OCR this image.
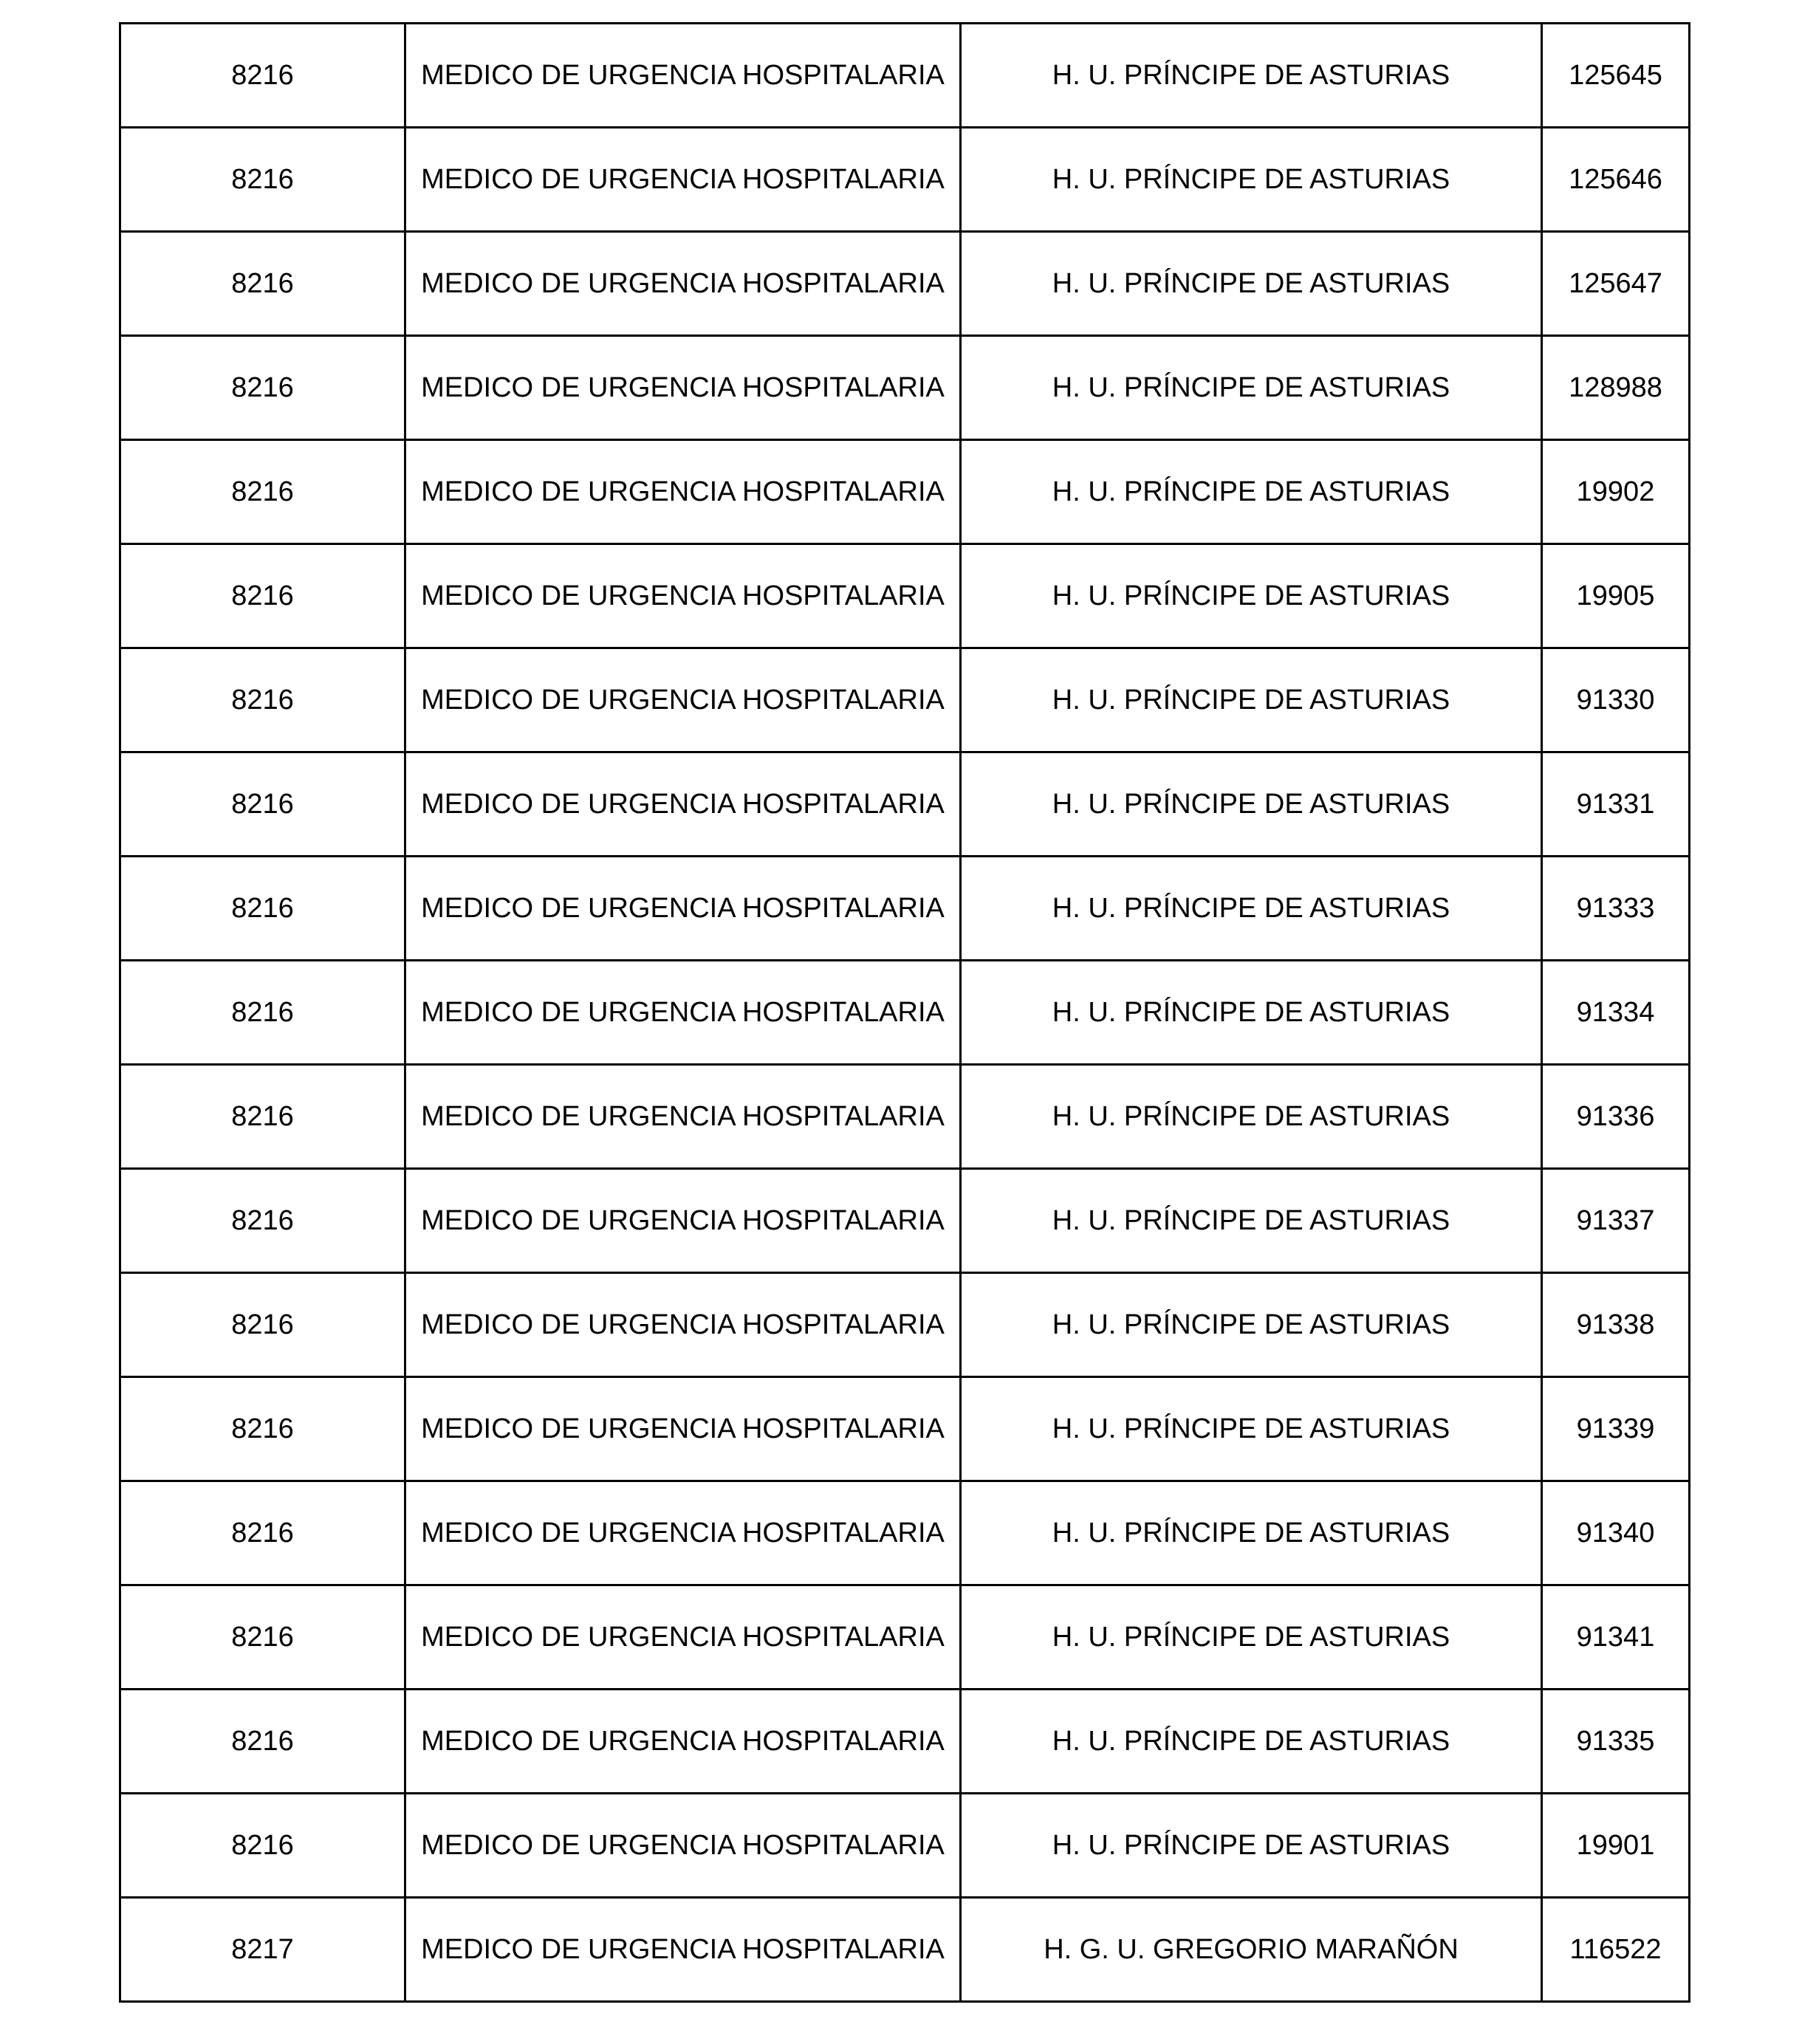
8216	MEDICO DE URGENCIA HOSPITALARIA	H. U. PRÍNCIPE DE ASTURIAS	125645
8216	MEDICO DE URGENCIA HOSPITALARIA	H. U. PRÍNCIPE DE ASTURIAS	125646
8216	MEDICO DE URGENCIA HOSPITALARIA	H. U. PRÍNCIPE DE ASTURIAS	125647
8216	MEDICO DE URGENCIA HOSPITALARIA	H. U. PRÍNCIPE DE ASTURIAS	128988
8216	MEDICO DE URGENCIA HOSPITALARIA	H. U. PRÍNCIPE DE ASTURIAS	19902
8216	MEDICO DE URGENCIA HOSPITALARIA	H. U. PRÍNCIPE DE ASTURIAS	19905
8216	MEDICO DE URGENCIA HOSPITALARIA	H. U. PRÍNCIPE DE ASTURIAS	91330
8216	MEDICO DE URGENCIA HOSPITALARIA	H. U. PRÍNCIPE DE ASTURIAS	91331
8216	MEDICO DE URGENCIA HOSPITALARIA	H. U. PRÍNCIPE DE ASTURIAS	91333
8216	MEDICO DE URGENCIA HOSPITALARIA	H. U. PRÍNCIPE DE ASTURIAS	91334
8216	MEDICO DE URGENCIA HOSPITALARIA	H. U. PRÍNCIPE DE ASTURIAS	91336
8216	MEDICO DE URGENCIA HOSPITALARIA	H. U. PRÍNCIPE DE ASTURIAS	91337
8216	MEDICO DE URGENCIA HOSPITALARIA	H. U. PRÍNCIPE DE ASTURIAS	91338
8216	MEDICO DE URGENCIA HOSPITALARIA	H. U. PRÍNCIPE DE ASTURIAS	91339
8216	MEDICO DE URGENCIA HOSPITALARIA	H. U. PRÍNCIPE DE ASTURIAS	91340
8216	MEDICO DE URGENCIA HOSPITALARIA	H. U. PRÍNCIPE DE ASTURIAS	91341
8216	MEDICO DE URGENCIA HOSPITALARIA	H. U. PRÍNCIPE DE ASTURIAS	91335
8216	MEDICO DE URGENCIA HOSPITALARIA	H. U. PRÍNCIPE DE ASTURIAS	19901
8217	MEDICO DE URGENCIA HOSPITALARIA	H. G. U. GREGORIO MARAÑÓN	116522
